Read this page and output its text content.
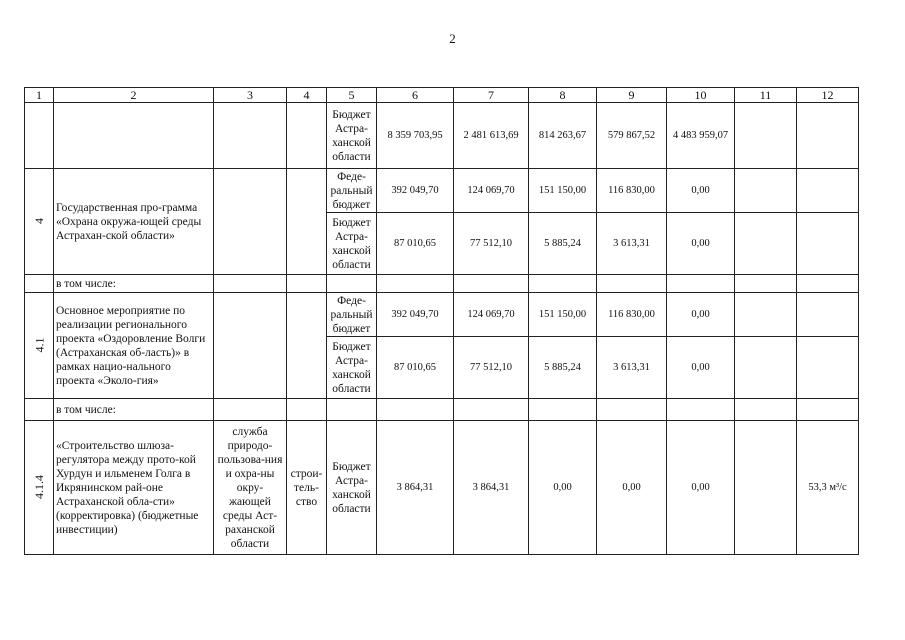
2
1	2	3	4	5	6	7	8	9	10	11	12
				Бюджет Астра-ханской области	8 359 703,95	2 481 613,69	814 263,67	579 867,52	4 483 959,07		
4	Государственная про-грамма «Охрана окружа-ющей среды Астрахан-ской области»			Феде-ральный бюджет	392 049,70	124 069,70	151 150,00	116 830,00	0,00		
				Бюджет Астра-ханской области	87 010,65	77 512,10	5 885,24	3 613,31	0,00		
	в том числе:										
4.1	Основное мероприятие по реализации регионального проекта «Оздоровление Волги (Астраханская об-ласть)» в рамках нацио-нального проекта «Эколо-гия»			Феде-ральный бюджет	392 049,70	124 069,70	151 150,00	116 830,00	0,00		
				Бюджет Астра-ханской области	87 010,65	77 512,10	5 885,24	3 613,31	0,00		
	в том числе:										
4.1.4	«Строительство шлюза-регулятора между прото-кой Хурдун и ильменем Голга в Икрянинском рай-оне Астраханской обла-сти» (корректировка) (бюджетные инвестиции)	служба природо-пользова-ния и охра-ны окру-жающей среды Аст-раханской области	строи-тель-ство	Бюджет Астра-ханской области	3 864,31	3 864,31	0,00	0,00	0,00		53,3 м³/с
